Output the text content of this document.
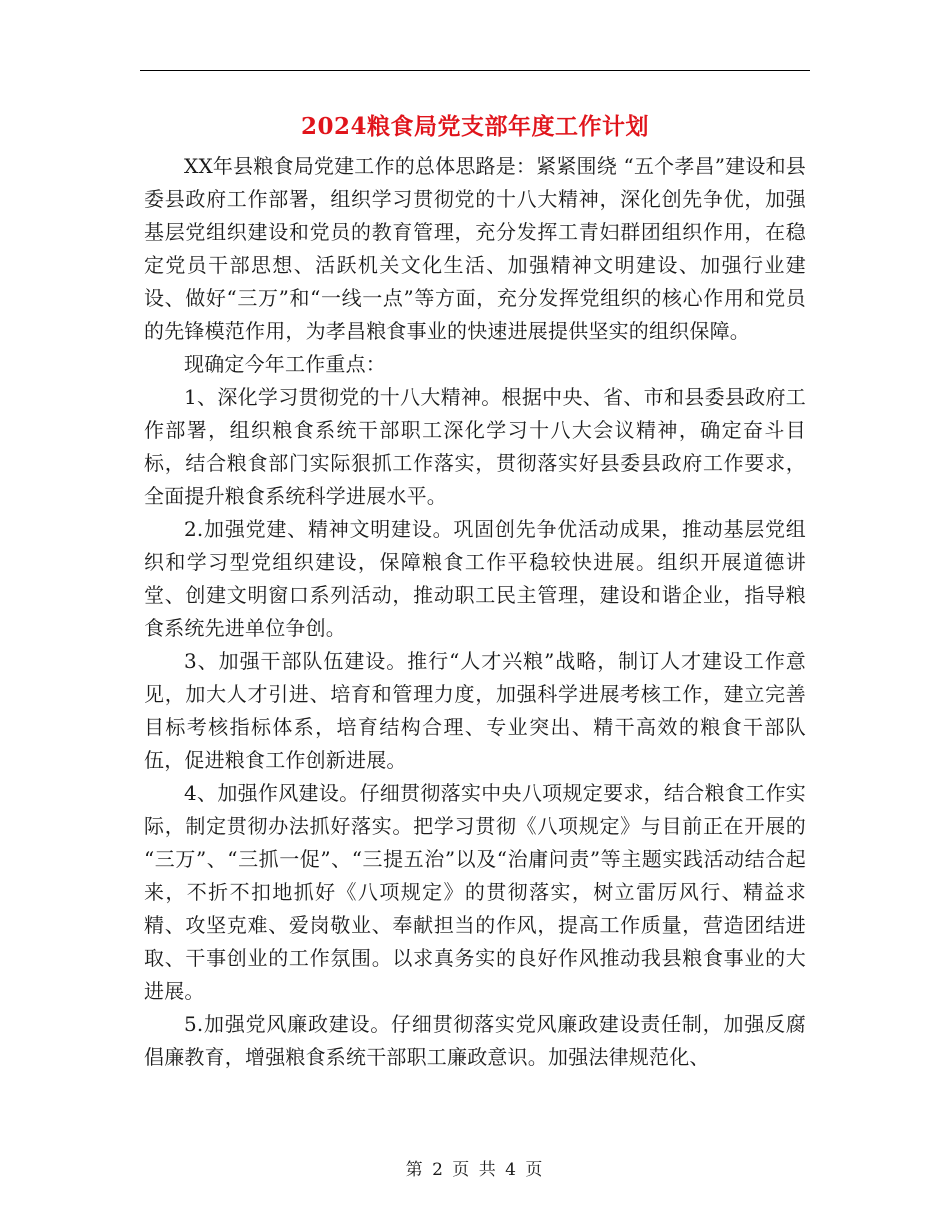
2024粮食局党支部年度工作计划

XX年县粮食局党建工作的总体思路是：紧紧围绕 “五个孝昌”建设和县委县政府工作部署，组织学习贯彻党的十八大精神，深化创先争优，加强基层党组织建设和党员的教育管理，充分发挥工青妇群团组织作用，在稳定党员干部思想、活跃机关文化生活、加强精神文明建设、加强行业建设、做好“三万”和“一线一点”等方面，充分发挥党组织的核心作用和党员的先锋模范作用，为孝昌粮食事业的快速进展提供坚实的组织保障。

现确定今年工作重点：

1、深化学习贯彻党的十八大精神。根据中央、省、市和县委县政府工作部署，组织粮食系统干部职工深化学习十八大会议精神，确定奋斗目标，结合粮食部门实际狠抓工作落实，贯彻落实好县委县政府工作要求，全面提升粮食系统科学进展水平。

2.加强党建、精神文明建设。巩固创先争优活动成果，推动基层党组织和学习型党组织建设，保障粮食工作平稳较快进展。组织开展道德讲堂、创建文明窗口系列活动，推动职工民主管理，建设和谐企业，指导粮食系统先进单位争创。

3、加强干部队伍建设。推行“人才兴粮”战略，制订人才建设工作意见，加大人才引进、培育和管理力度，加强科学进展考核工作，建立完善目标考核指标体系，培育结构合理、专业突出、精干高效的粮食干部队伍，促进粮食工作创新进展。

4、加强作风建设。仔细贯彻落实中央八项规定要求，结合粮食工作实际，制定贯彻办法抓好落实。把学习贯彻《八项规定》与目前正在开展的 “三万”、“三抓一促”、“三提五治”以及“治庸问责”等主题实践活动结合起来，不折不扣地抓好《八项规定》的贯彻落实，树立雷厉风行、精益求精、攻坚克难、爱岗敬业、奉献担当的作风，提高工作质量，营造团结进取、干事创业的工作氛围。以求真务实的良好作风推动我县粮食事业的大进展。

5.加强党风廉政建设。仔细贯彻落实党风廉政建设责任制，加强反腐倡廉教育，增强粮食系统干部职工廉政意识。加强法律规范化、

第 2 页 共 4 页
